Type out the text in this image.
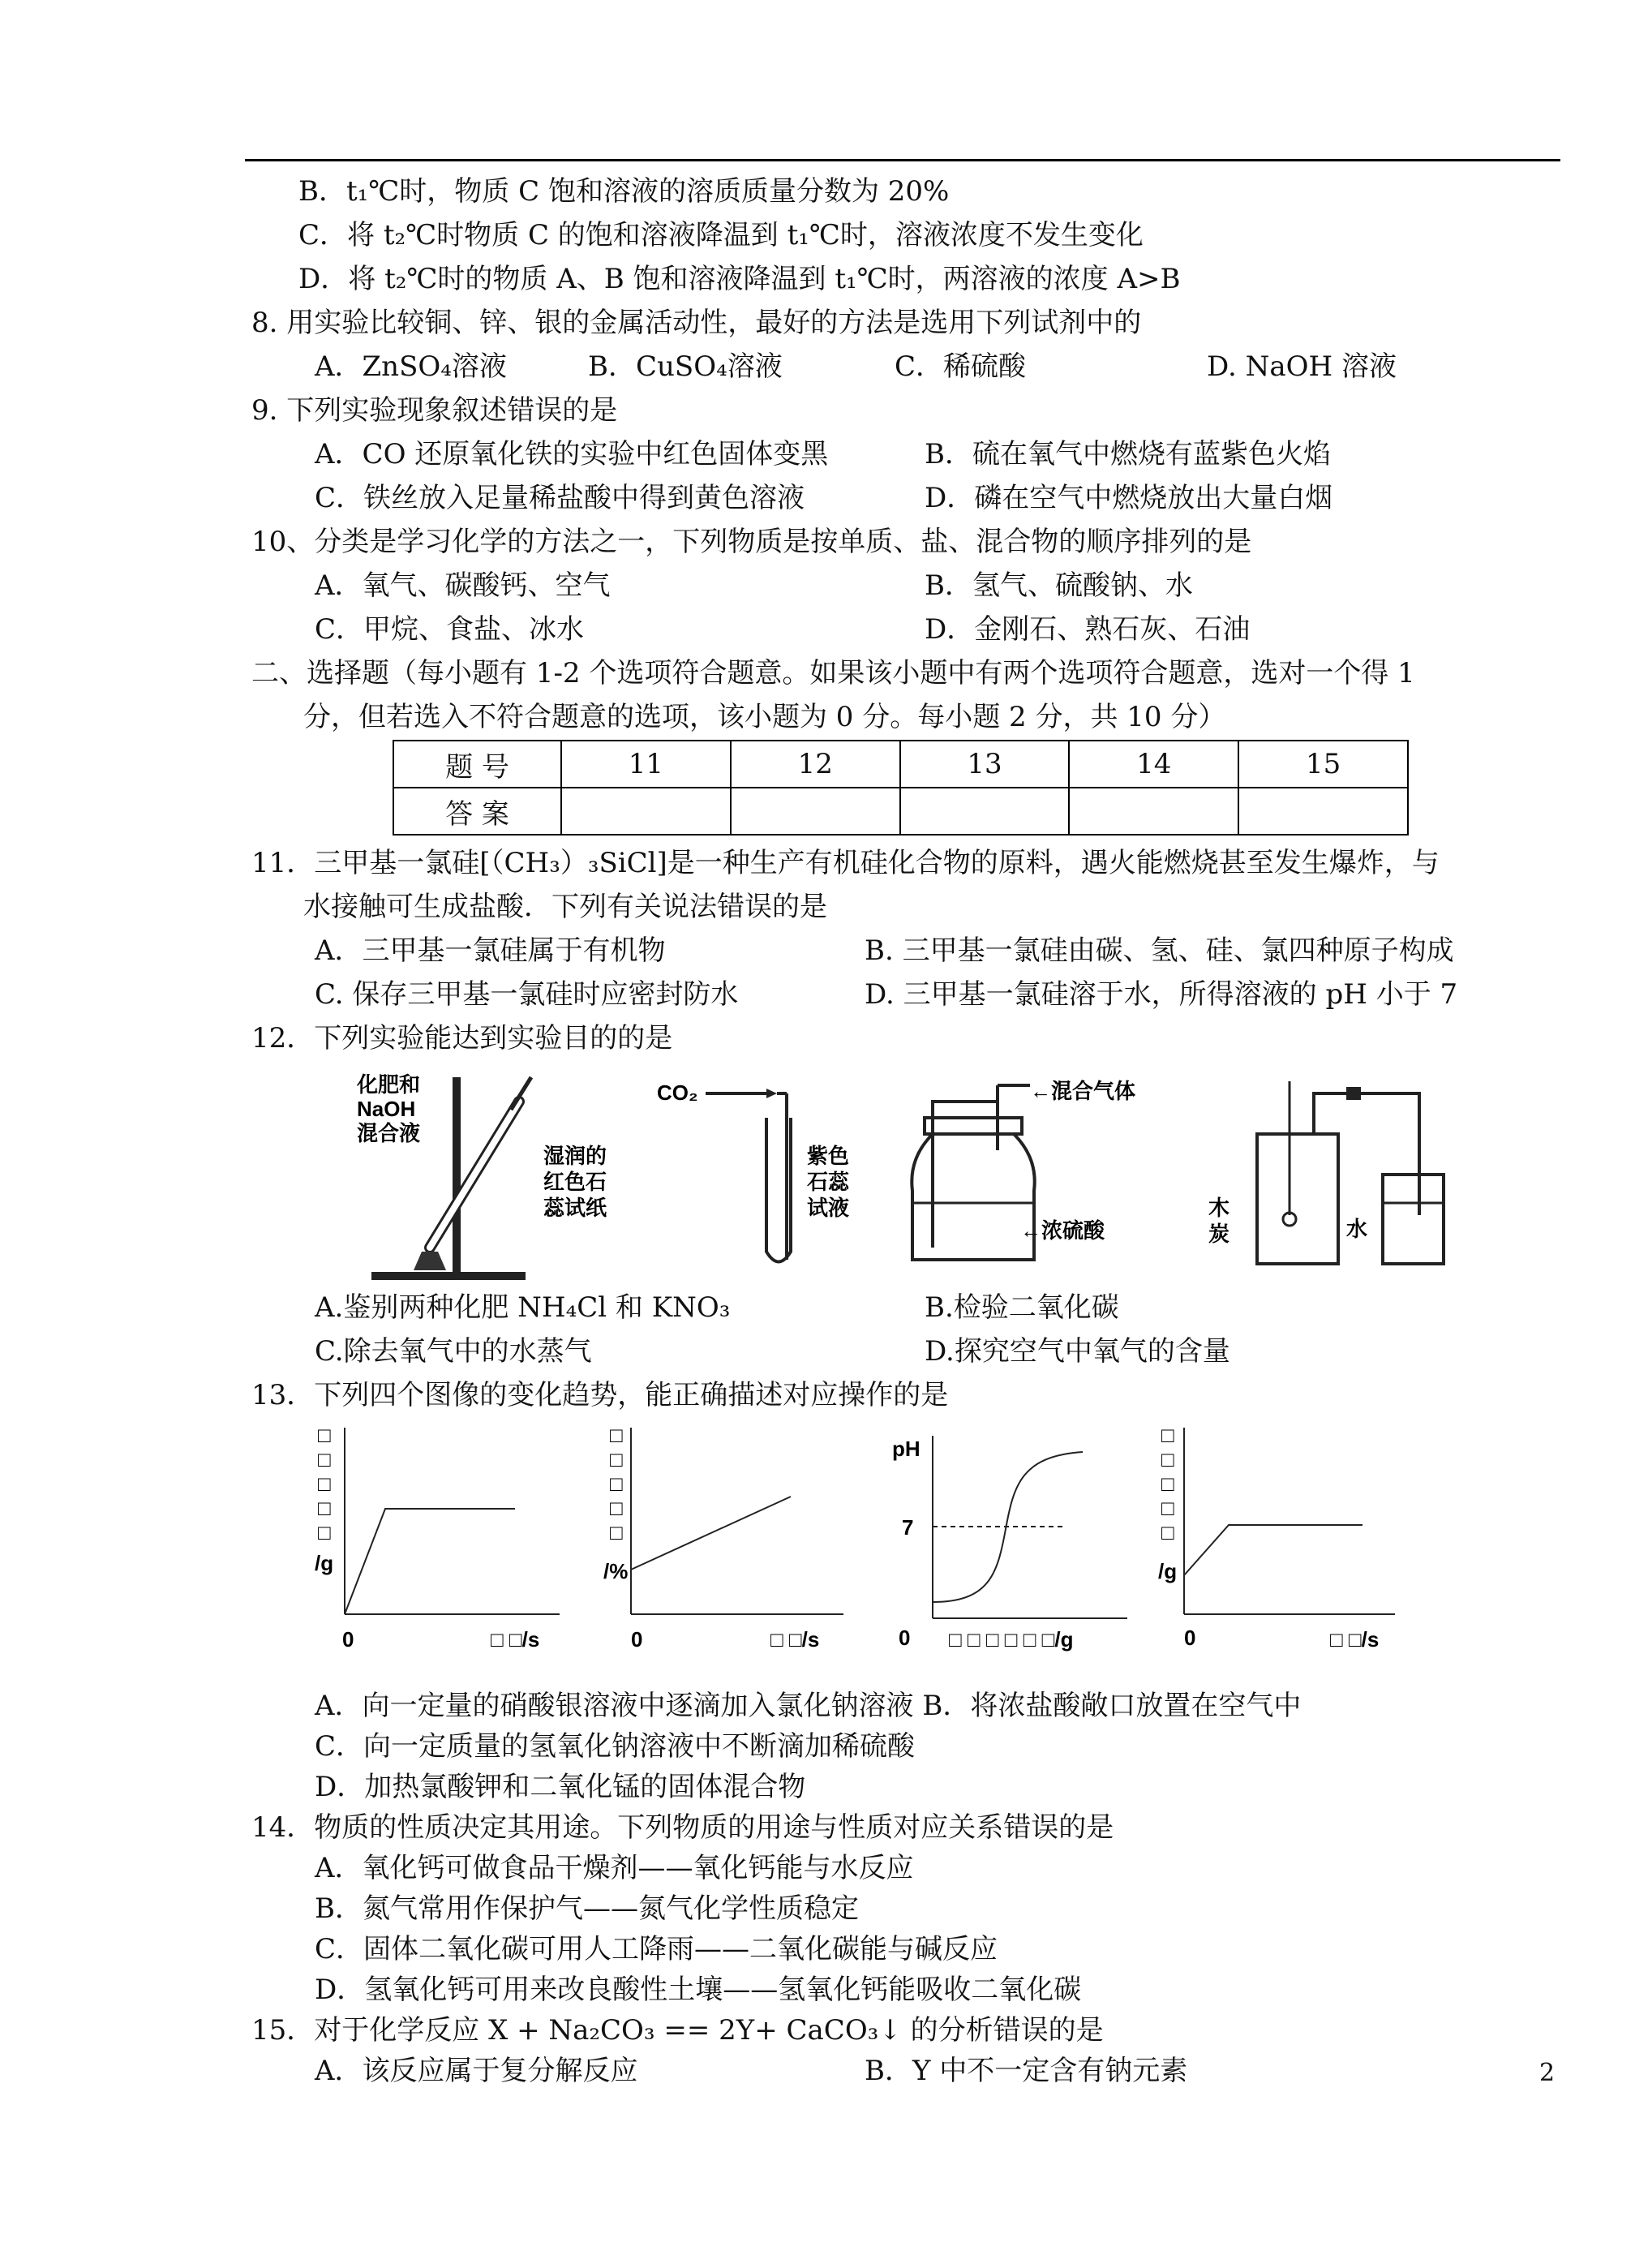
B．t₁℃时，物质 C 饱和溶液的溶质质量分数为 20%
C．将 t₂℃时物质 C 的饱和溶液降温到 t₁℃时，溶液浓度不发生变化
D．将 t₂℃时的物质 A、B 饱和溶液降温到 t₁℃时，两溶液的浓度 A>B
8. 用实验比较铜、锌、银的金属活动性，最好的方法是选用下列试剂中的
A．ZnSO₄溶液	B．CuSO₄溶液	C．稀硫酸	D. NaOH 溶液
9. 下列实验现象叙述错误的是
A．CO 还原氧化铁的实验中红色固体变黑	B．硫在氧气中燃烧有蓝紫色火焰
C．铁丝放入足量稀盐酸中得到黄色溶液	D．磷在空气中燃烧放出大量白烟
10、分类是学习化学的方法之一，下列物质是按单质、盐、混合物的顺序排列的是
A．氧气、碳酸钙、空气	B．氢气、硫酸钠、水
C．甲烷、食盐、冰水	D．金刚石、熟石灰、石油
二、选择题（每小题有 1-2 个选项符合题意。如果该小题中有两个选项符合题意，选对一个得 1
分，但若选入不符合题意的选项，该小题为 0 分。每小题 2 分，共 10 分）
题 号	11	12	13	14	15
答 案					
11．三甲基一氯硅[（CH₃）₃SiCl]是一种生产有机硅化合物的原料，遇火能燃烧甚至发生爆炸，与
水接触可生成盐酸．下列有关说法错误的是
A．三甲基一氯硅属于有机物	B. 三甲基一氯硅由碳、氢、硅、氯四种原子构成
C. 保存三甲基一氯硅时应密封防水	D. 三甲基一氯硅溶于水，所得溶液的 pH 小于 7
12．下列实验能达到实验目的的是
化肥和
NaOH
混合液
湿润的
红色石
蕊试纸
CO₂
紫色
石蕊
试液
←混合气体
←浓硫酸
木
炭	水
A.鉴别两种化肥 NH₄Cl 和 KNO₃	B.检验二氧化碳
C.除去氧气中的水蒸气	D.探究空气中氧气的含量
13．下列四个图像的变化趋势，能正确描述对应操作的是
□
□
□
□
□
/g
0	□ □/s
□
□
□
□
□
/%
0	□ □/s
pH
7
0 □ □ □ □ □ □/g
□
□
□
□
□
/g
0	□ □/s
A．向一定量的硝酸银溶液中逐滴加入氯化钠溶液 B．将浓盐酸敞口放置在空气中
C．向一定质量的氢氧化钠溶液中不断滴加稀硫酸
D．加热氯酸钾和二氧化锰的固体混合物
14．物质的性质决定其用途。下列物质的用途与性质对应关系错误的是
A．氧化钙可做食品干燥剂——氧化钙能与水反应
B．氮气常用作保护气——氮气化学性质稳定
C．固体二氧化碳可用人工降雨——二氧化碳能与碱反应
D．氢氧化钙可用来改良酸性土壤——氢氧化钙能吸收二氧化碳
15．对于化学反应 X + Na₂CO₃ == 2Y+ CaCO₃↓ 的分析错误的是
A．该反应属于复分解反应	B．Y 中不一定含有钠元素	2
